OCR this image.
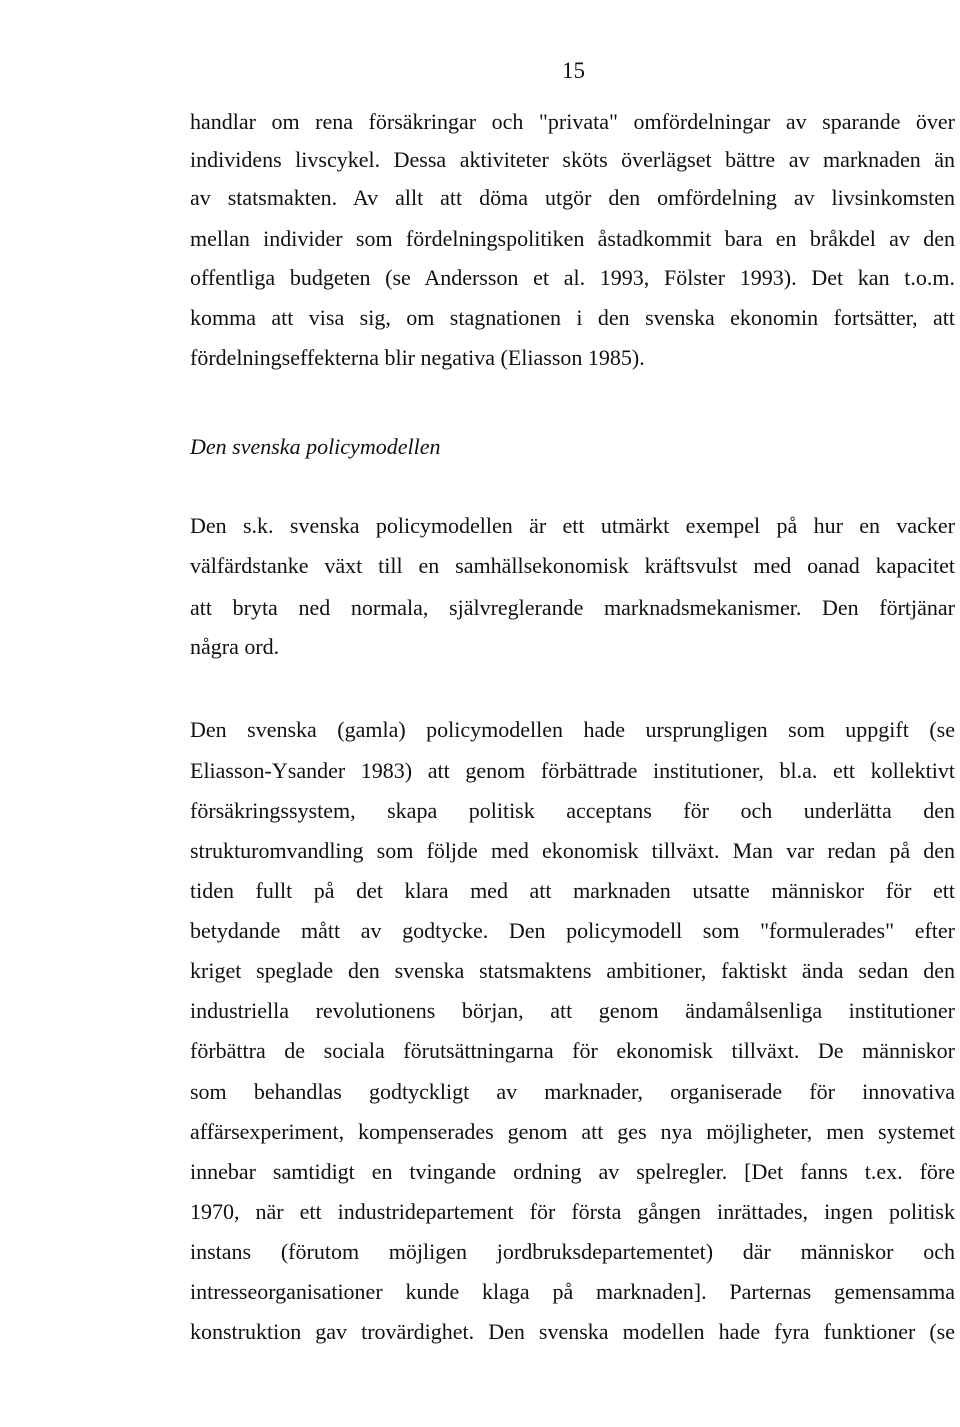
15
handlar om rena försäkringar och "privata" omfördelningar av sparande över
individens livscykel. Dessa aktiviteter sköts överlägset bättre av marknaden än
av statsmakten. Av allt att döma utgör den omfördelning av livsinkomsten
mellan individer som fördelningspolitiken åstadkommit bara en bråkdel av den
offentliga budgeten (se Andersson et al. 1993, Fölster 1993). Det kan t.o.m.
komma att visa sig, om stagnationen i den svenska ekonomin fortsätter, att
fördelningseffekterna blir negativa (Eliasson 1985).
Den svenska policymodellen
Den s.k. svenska policymodellen är ett utmärkt exempel på hur en vacker
välfärdstanke växt till en samhällsekonomisk kräftsvulst med oanad kapacitet
att bryta ned normala, självreglerande marknadsmekanismer. Den förtjänar
några ord.
Den svenska (gamla) policymodellen hade ursprungligen som uppgift (se
Eliasson-Ysander 1983) att genom förbättrade institutioner, bl.a. ett kollektivt
försäkringssystem, skapa politisk acceptans för och underlätta den
strukturomvandling som följde med ekonomisk tillväxt. Man var redan på den
tiden fullt på det klara med att marknaden utsatte människor för ett
betydande mått av godtycke. Den policymodell som "formulerades" efter
kriget speglade den svenska statsmaktens ambitioner, faktiskt ända sedan den
industriella revolutionens början, att genom ändamålsenliga institutioner
förbättra de sociala förutsättningarna för ekonomisk tillväxt. De människor
som behandlas godtyckligt av marknader, organiserade för innovativa
affärsexperiment, kompenserades genom att ges nya möjligheter, men systemet
innebar samtidigt en tvingande ordning av spelregler. [Det fanns t.ex. före
1970, när ett industridepartement för första gången inrättades, ingen politisk
instans (förutom möjligen jordbruksdepartementet) där människor och
intresseorganisationer kunde klaga på marknaden]. Parternas gemensamma
konstruktion gav trovärdighet. Den svenska modellen hade fyra funktioner (se
